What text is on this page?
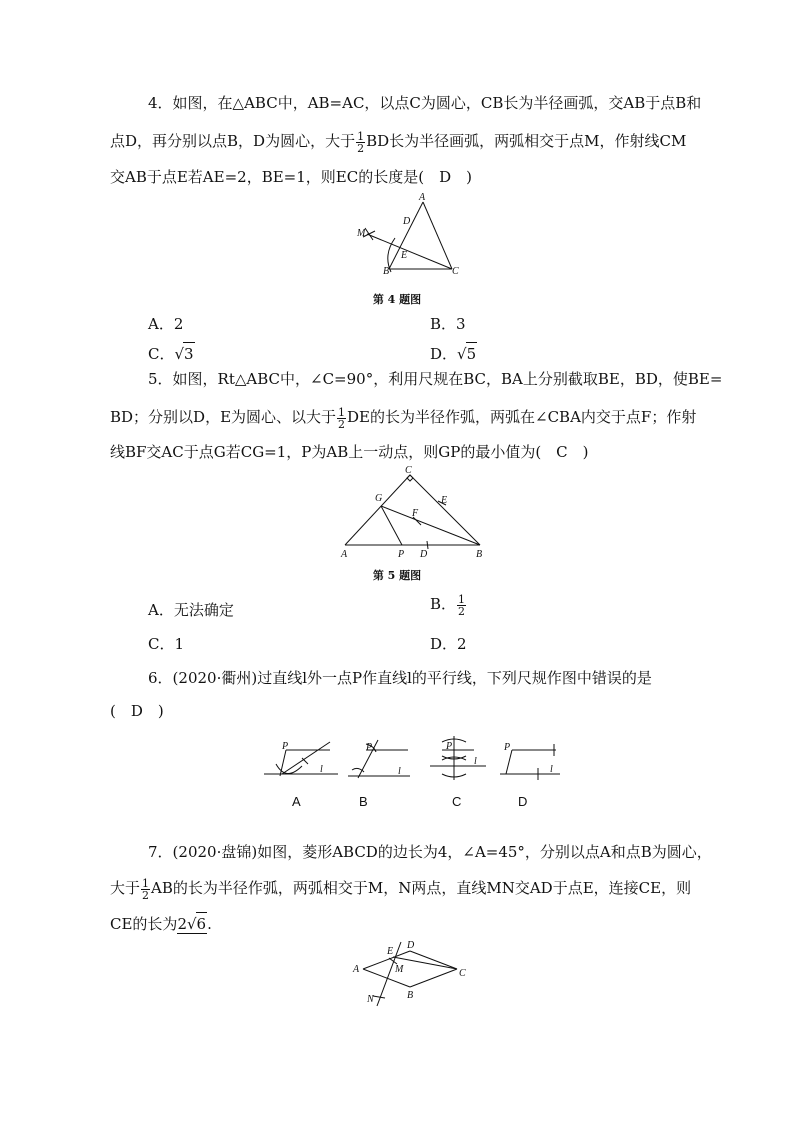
4．如图，在△ABC中，AB=AC，以点C为圆心，CB长为半径画弧，交AB于点B和
点D，再分别以点B，D为圆心，大于 $\frac{1}{2}$ BD长为半径画弧，两弧相交于点M，作射线CM
交AB于点E若AE=2，BE=1，则EC的长度是(　D　)
A
D
M
E
B	C
第 4 题图
A．2	B．3
C．√3	D．√5
5．如图，Rt△ABC中，∠C=90°，利用尺规在BC，BA上分别截取BE，BD，使BE=
BD；分别以D，E为圆心、以大于 $\frac{1}{2}$ DE的长为半径作弧，两弧在∠CBA内交于点F；作射
线BF交AC于点G若CG=1，P为AB上一动点，则GP的最小值为(　C　)
C
G	E
F
A	P D	B
第 5 题图
A．无法确定	B． $\frac{1}{2}$
C．1	D．2
6．(2020·衢州)过直线l外一点P作直线l的平行线，下列尺规作图中错误的是
(　D　)
P
l
P
l
P
l
P
l
A	B	C	D
7．(2020·盘锦)如图，菱形ABCD的边长为4，∠A=45°，分别以点A和点B为圆心，
大于 $\frac{1}{2}$ AB的长为半径作弧，两弧相交于M，N两点，直线MN交AD于点E，连接CE，则
CE的长为2√6.
E
D
A	M	C
N	B
